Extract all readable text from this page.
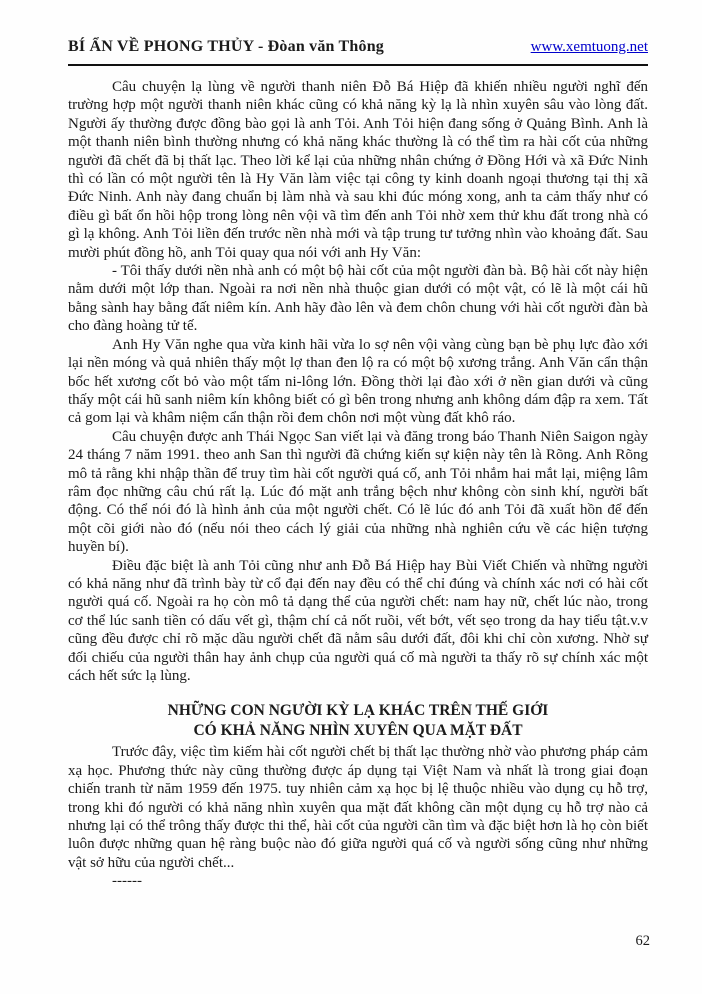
BÍ ẨN VỀ PHONG THỦY - Đòan văn Thông	www.xemtuong.net

Câu chuyện lạ lùng về người thanh niên Đỗ Bá Hiệp đã khiến nhiều người nghĩ đến trường hợp một người thanh niên khác cũng có khả năng kỳ lạ là nhìn xuyên sâu vào lòng đất. Người ấy thường được đồng bào gọi là anh Tỏi. Anh Tỏi hiện đang sống ở Quảng Bình. Anh là một thanh niên bình thường nhưng có khả năng khác thường là có thể tìm ra hài cốt của những người đã chết đã bị thất lạc. Theo lời kể lại của những nhân chứng ở Đồng Hới và xã Đức Ninh thì có lần có một người tên là Hy Văn làm việc tại công ty kinh doanh ngoại thương tại thị xã Đức Ninh. Anh này đang chuẩn bị làm nhà và sau khi đúc móng xong, anh ta cảm thấy như có điều gì bất ổn hồi hộp trong lòng nên vội vã tìm đến anh Tỏi nhờ xem thử khu đất trong nhà có gì lạ không. Anh Tỏi liền đến trước nền nhà mới và tập trung tư tưởng nhìn vào khoảng đất. Sau mười phút đồng hồ, anh Tỏi quay qua nói với anh Hy Văn:

- Tôi thấy dưới nền nhà anh có một bộ hài cốt của một người đàn bà. Bộ hài cốt này hiện nằm dưới một lớp than. Ngoài ra nơi nền nhà thuộc gian dưới có một vật, có lẽ là một cái hũ bằng sành hay bằng đất niêm kín. Anh hãy đào lên và đem chôn chung với hài cốt người đàn bà cho đàng hoàng tử tế.

Anh Hy Văn nghe qua vừa kinh hãi vừa lo sợ nên vội vàng cùng bạn bè phụ lực đào xới lại nền móng và quả nhiên thấy một lợ than đen lộ ra có một bộ xương trắng. Anh Văn cẩn thận bốc hết xương cốt bỏ vào một tấm ni-lông lớn. Đồng thời lại đào xới ở nền gian dưới và cũng thấy một cái hũ sanh niêm kín không biết có gì bên trong nhưng anh không dám đập ra xem. Tất cả gom lại và khâm niệm cẩn thận rồi đem chôn nơi một vùng đất khô ráo.

Câu chuyện được anh Thái Ngọc San viết lại và đăng trong báo Thanh Niên Saigon ngày 24 tháng 7 năm 1991. theo anh San thì người đã chứng kiến sự kiện này tên là Rõng. Anh Rõng mô tả rằng khi nhập thần để truy tìm hài cốt người quá cố, anh Tỏi nhắm hai mắt lại, miệng lâm râm đọc những câu chú rất lạ. Lúc đó mặt anh trắng bệch như không còn sinh khí, người bất động. Có thể nói đó là hình ảnh của một người chết. Có lẽ lúc đó anh Tỏi đã xuất hồn để đến một cõi giới nào đó (nếu nói theo cách lý giải của những nhà nghiên cứu về các hiện tượng huyền bí).

Điều đặc biệt là anh Tỏi cũng như anh Đỗ Bá Hiệp hay Bùi Viết Chiến và những người có khả năng như đã trình bày từ cổ đại đến nay đều có thể chỉ đúng và chính xác nơi có hài cốt người quá cố. Ngoài ra họ còn mô tả dạng thể của người chết: nam hay nữ, chết lúc nào, trong cơ thể lúc sanh tiền có dấu vết gì, thậm chí cả nốt ruồi, vết bớt, vết sẹo trong da hay tiểu tật.v.v cũng đều được chỉ rõ mặc dầu người chết đã nằm sâu dưới đất, đôi khi chỉ còn xương. Nhờ sự đối chiếu của người thân hay ảnh chụp của người quá cố mà người ta thấy rõ sự chính xác một cách hết sức lạ lùng.

NHỮNG CON NGƯỜI KỲ LẠ KHÁC TRÊN THẾ GIỚI
CÓ KHẢ NĂNG NHÌN XUYÊN QUA MẶT ĐẤT

Trước đây, việc tìm kiếm hài cốt người chết bị thất lạc thường nhờ vào phương pháp cảm xạ học. Phương thức này cũng thường được áp dụng tại Việt Nam và nhất là trong giai đoạn chiến tranh từ năm 1959 đến 1975. tuy nhiên cảm xạ học bị lệ thuộc nhiều vào dụng cụ hỗ trợ, trong khi đó người có khả năng nhìn xuyên qua mặt đất không cần một dụng cụ hỗ trợ nào cả nhưng lại có thể trông thấy được thi thể, hài cốt của người cần tìm và đặc biệt hơn là họ còn biết luôn được những quan hệ ràng buộc nào đó giữa người quá cố và người sống cũng như những vật sở hữu của người chết...

------

62
